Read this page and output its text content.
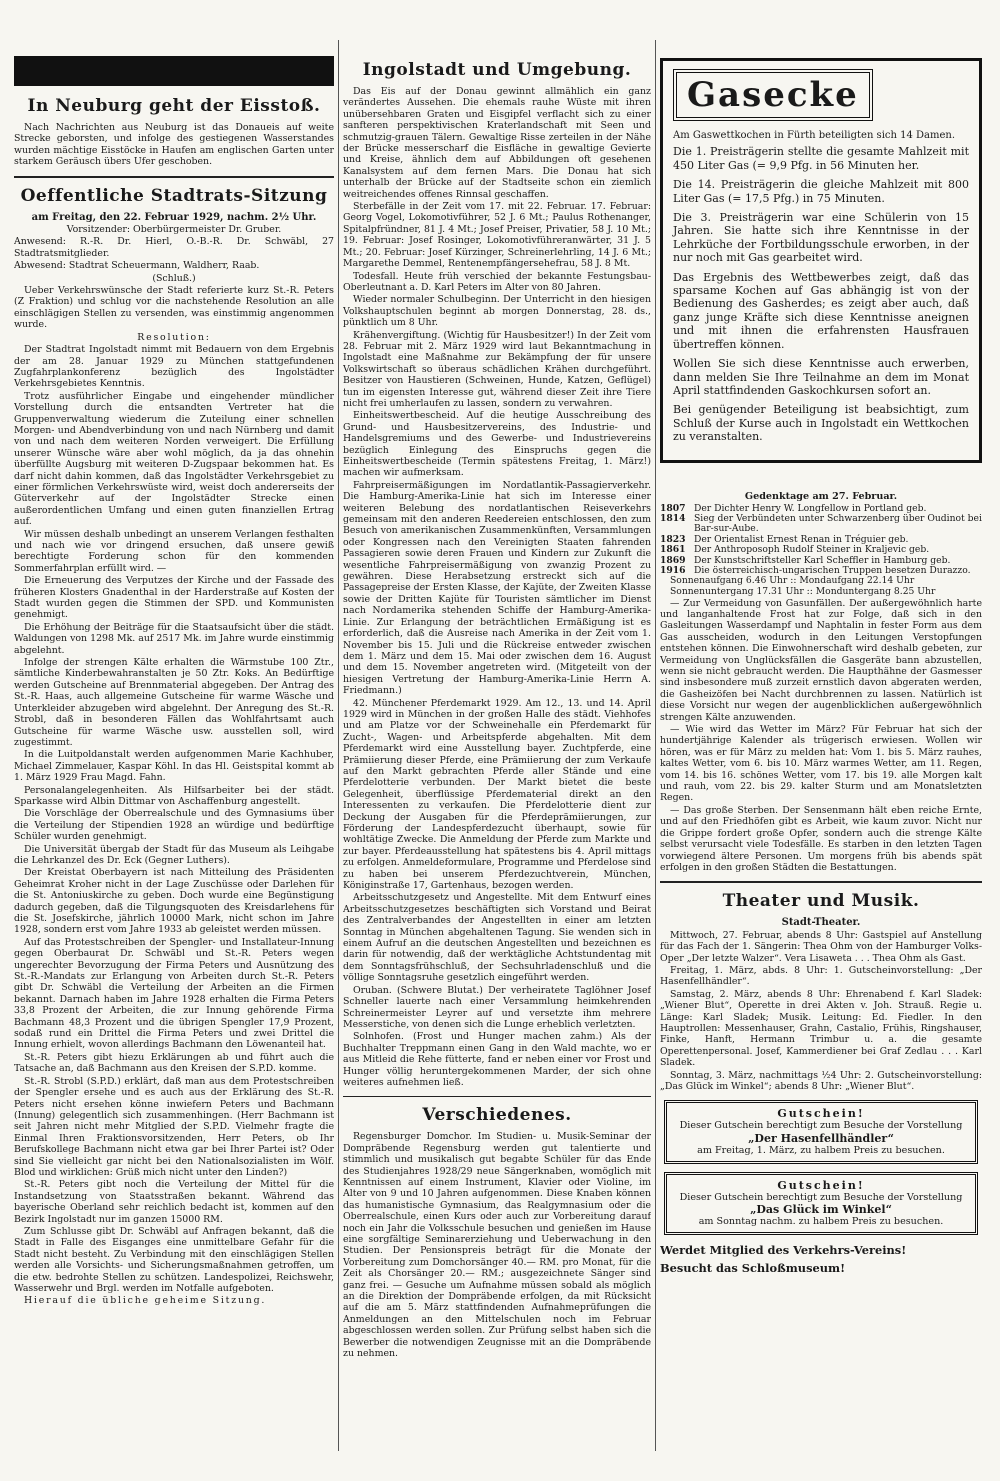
In Neuburg geht der Eisstoß.

Nach Nachrichten aus Neuburg ist das Donaueis auf weite Strecke geborsten, und infolge des gestiegenen Wasserstandes wurden mächtige Eisstöcke in Haufen am englischen Garten unter starkem Geräusch übers Ufer geschoben.

Oeffentliche Stadtrats-Sitzung

am Freitag, den 22. Februar 1929, nachm. 2½ Uhr.

Vorsitzender: Oberbürgermeister Dr. Gruber.

Anwesend: R.-R. Dr. Hierl, O.-B.-R. Dr. Schwäbl, 27 Stadtratsmitglieder.

Abwesend: Stadtrat Scheuermann, Waldherr, Raab.

(Schluß.)

Ueber Verkehrswünsche der Stadt referierte kurz St.-R. Peters (Z Fraktion) und schlug vor die nachstehende Resolution an alle einschlägigen Stellen zu versenden, was einstimmig angenommen wurde.

Resolution:

Der Stadtrat Ingolstadt nimmt mit Bedauern von dem Ergebnis der am 28. Januar 1929 zu München stattgefundenen Zugfahrplankonferenz bezüglich des Ingolstädter Verkehrsgebietes Kenntnis.

Trotz ausführlicher Eingabe und eingehender mündlicher Vorstellung durch die entsandten Vertreter hat die Gruppenverwaltung wiederum die Zuteilung einer schnellen Morgen- und Abendverbindung von und nach Nürnberg und damit von und nach dem weiteren Norden verweigert. Die Erfüllung unserer Wünsche wäre aber wohl möglich, da ja das ohnehin überfüllte Augsburg mit weiteren D-Zugspaar bekommen hat. Es darf nicht dahin kommen, daß das Ingolstädter Verkehrsgebiet zu einer förmlichen Verkehrswüste wird, weist doch andererseits der Güterverkehr auf der Ingolstädter Strecke einen außerordentlichen Umfang und einen guten finanziellen Ertrag auf.

Wir müssen deshalb unbedingt an unserem Verlangen festhalten und nach wie vor dringend ersuchen, daß unsere gewiß berechtigte Forderung schon für den kommenden Sommerfahrplan erfüllt wird. —

Die Erneuerung des Verputzes der Kirche und der Fassade des früheren Klosters Gnadenthal in der Harderstraße auf Kosten der Stadt wurden gegen die Stimmen der SPD. und Kommunisten genehmigt.

Die Erhöhung der Beiträge für die Staatsaufsicht über die städt. Waldungen von 1298 Mk. auf 2517 Mk. im Jahre wurde einstimmig abgelehnt.

Infolge der strengen Kälte erhalten die Wärmstube 100 Ztr., sämtliche Kinderbewahranstalten je 50 Ztr. Koks. An Bedürftige werden Gutscheine auf Brennmaterial abgegeben. Der Antrag des St.-R. Haas, auch allgemeine Gutscheine für warme Wäsche und Unterkleider abzugeben wird abgelehnt. Der Anregung des St.-R. Strobl, daß in besonderen Fällen das Wohlfahrtsamt auch Gutscheine für warme Wäsche usw. ausstellen soll, wird zugestimmt.

In die Luitpoldanstalt werden aufgenommen Marie Kachhuber, Michael Zimmelauer, Kaspar Köhl. In das Hl. Geistspital kommt ab 1. März 1929 Frau Magd. Fahn.

Personalangelegenheiten. Als Hilfsarbeiter bei der städt. Sparkasse wird Albin Dittmar von Aschaffenburg angestellt.

Die Vorschläge der Oberrealschule und des Gymnasiums über die Verteilung der Stipendien 1928 an würdige und bedürftige Schüler wurden genehmigt.

Die Universität übergab der Stadt für das Museum als Leihgabe die Lehrkanzel des Dr. Eck (Gegner Luthers).

Der Kreistat Oberbayern ist nach Mitteilung des Präsidenten Geheimrat Kroher nicht in der Lage Zuschüsse oder Darlehen für die St. Antoniuskirche zu geben. Doch wurde eine Begünstigung dadurch gegeben, daß die Tilgungsquoten des Kreisdarlehens für die St. Josefskirche, jährlich 10000 Mark, nicht schon im Jahre 1928, sondern erst vom Jahre 1933 ab geleistet werden müssen.

Auf das Protestschreiben der Spengler- und Installateur-Innung gegen Oberbaurat Dr. Schwäbl und St.-R. Peters wegen ungerechter Bevorzugung der Firma Peters und Ausnützung des St.-R.-Mandats zur Erlangung von Arbeiten durch St.-R. Peters gibt Dr. Schwäbl die Verteilung der Arbeiten an die Firmen bekannt. Darnach haben im Jahre 1928 erhalten die Firma Peters 33,8 Prozent der Arbeiten, die zur Innung gehörende Firma Bachmann 48,3 Prozent und die übrigen Spengler 17,9 Prozent, sodaß rund ein Drittel die Firma Peters und zwei Drittel die Innung erhielt, wovon allerdings Bachmann den Löwenanteil hat.

St.-R. Peters gibt hiezu Erklärungen ab und führt auch die Tatsache an, daß Bachmann aus den Kreisen der S.P.D. komme.

St.-R. Strobl (S.P.D.) erklärt, daß man aus dem Protestschreiben der Spengler ersehe und es auch aus der Erklärung des St.-R. Peters nicht ersehen könne inwiefern Peters und Bachmann (Innung) gelegentlich sich zusammenhingen. (Herr Bachmann ist seit Jahren nicht mehr Mitglied der S.P.D. Vielmehr fragte die Einmal Ihren Fraktionsvorsitzenden, Herr Peters, ob Ihr Berufskollege Bachmann nicht etwa gar bei Ihrer Partei ist? Oder sind Sie vielleicht gar nicht bei den Nationalsozialisten im Wölf. Blod und wirklichen: Grüß mich nicht unter den Linden?)

St.-R. Peters gibt noch die Verteilung der Mittel für die Instandsetzung von Staatsstraßen bekannt. Während das bayerische Oberland sehr reichlich bedacht ist, kommen auf den Bezirk Ingolstadt nur im ganzen 15000 RM.

Zum Schlusse gibt Dr. Schwäbl auf Anfragen bekannt, daß die Stadt in Falle des Eisganges eine unmittelbare Gefahr für die Stadt nicht besteht. Zu Verbindung mit den einschlägigen Stellen werden alle Vorsichts- und Sicherungsmaßnahmen getroffen, um die etw. bedrohte Stellen zu schützen. Landespolizei, Reichswehr, Wasserwehr und Brgl. werden im Notfalle aufgeboten.

Hierauf die übliche geheime Sitzung.

Ingolstadt und Umgebung.

Das Eis auf der Donau gewinnt allmählich ein ganz verändertes Aussehen. Die ehemals rauhe Wüste mit ihren unübersehbaren Graten und Eisgipfel verflacht sich zu einer sanfteren perspektivischen Kraterlandschaft mit Seen und schmutzig-grauen Tälern. Gewaltige Risse zerteilen in der Nähe der Brücke messerscharf die Eisfläche in gewaltige Gevierte und Kreise, ähnlich dem auf Abbildungen oft gesehenen Kanalsystem auf dem fernen Mars. Die Donau hat sich unterhalb der Brücke auf der Stadtseite schon ein ziemlich weitreichendes offenes Rinnsal geschaffen.

Sterbefälle in der Zeit vom 17. mit 22. Februar. 17. Februar: Georg Vogel, Lokomotivführer, 52 J. 6 Mt.; Paulus Rothenanger, Spitalpfründner, 81 J. 4 Mt.; Josef Preiser, Privatier, 58 J. 10 Mt.; 19. Februar: Josef Rosinger, Lokomotivführeranwärter, 31 J. 5 Mt.; 20. Februar: Josef Kürzinger, Schreinerlehrling, 14 J. 6 Mt.; Margarethe Demmel, Rentenempfängersehefrau, 58 J. 8 Mt.

Todesfall. Heute früh verschied der bekannte Festungsbau-Oberleutnant a. D. Karl Peters im Alter von 80 Jahren.

Wieder normaler Schulbeginn. Der Unterricht in den hiesigen Volkshauptschulen beginnt ab morgen Donnerstag, 28. ds., pünktlich um 8 Uhr.

Krähenvergiftung. (Wichtig für Hausbesitzer!) In der Zeit vom 28. Februar mit 2. März 1929 wird laut Bekanntmachung in Ingolstadt eine Maßnahme zur Bekämpfung der für unsere Volkswirtschaft so überaus schädlichen Krähen durchgeführt. Besitzer von Haustieren (Schweinen, Hunde, Katzen, Geflügel) tun im eigensten Interesse gut, während dieser Zeit ihre Tiere nicht frei umherlaufen zu lassen, sondern zu verwahren.

Einheitswertbescheid. Auf die heutige Ausschreibung des Grund- und Hausbesitzervereins, des Industrie- und Handelsgremiums und des Gewerbe- und Industrievereins bezüglich Einlegung des Einspruchs gegen die Einheitswertbescheide (Termin spätestens Freitag, 1. März!) machen wir aufmerksam.

Fahrpreisermäßigungen im Nordatlantik-Passagierverkehr. Die Hamburg-Amerika-Linie hat sich im Interesse einer weiteren Belebung des nordatlantischen Reiseverkehrs gemeinsam mit den anderen Reedereien entschlossen, den zum Besuch von amerikanischen Zusammenkünften, Versammlungen oder Kongressen nach den Vereinigten Staaten fahrenden Passagieren sowie deren Frauen und Kindern zur Zukunft die wesentliche Fahrpreisermäßigung von zwanzig Prozent zu gewähren. Diese Herabsetzung erstreckt sich auf die Passagepreise der Ersten Klasse, der Kajüte, der Zweiten Klasse sowie der Dritten Kajüte für Touristen sämtlicher im Dienst nach Nordamerika stehenden Schiffe der Hamburg-Amerika-Linie. Zur Erlangung der beträchtlichen Ermäßigung ist es erforderlich, daß die Ausreise nach Amerika in der Zeit vom 1. November bis 15. Juli und die Rückreise entweder zwischen dem 1. März und dem 15. Mai oder zwischen dem 16. August und dem 15. November angetreten wird. (Mitgeteilt von der hiesigen Vertretung der Hamburg-Amerika-Linie Herrn A. Friedmann.)

42. Münchener Pferdemarkt 1929. Am 12., 13. und 14. April 1929 wird in München in der großen Halle des städt. Viehhofes und am Platze vor der Schweinehalle ein Pferdemarkt für Zucht-, Wagen- und Arbeitspferde abgehalten. Mit dem Pferdemarkt wird eine Ausstellung bayer. Zuchtpferde, eine Prämiierung dieser Pferde, eine Prämiierung der zum Verkaufe auf den Markt gebrachten Pferde aller Stände und eine Pferdelotterie verbunden. Der Markt bietet die beste Gelegenheit, überflüssige Pferdematerial direkt an den Interessenten zu verkaufen. Die Pferdelotterie dient zur Deckung der Ausgaben für die Pferdeprämiierungen, zur Förderung der Landespferdezucht überhaupt, sowie für wohltätige Zwecke. Die Anmeldung der Pferde zum Markte und zur bayer. Pferdeausstellung hat spätestens bis 4. April mittags zu erfolgen. Anmeldeformulare, Programme und Pferdelose sind zu haben bei unserem Pferdezuchtverein, München, Königinstraße 17, Gartenhaus, bezogen werden.

Arbeitsschutzgesetz und Angestellte. Mit dem Entwurf eines Arbeitsschutzgesetzes beschäftigten sich Vorstand und Beirat des Zentralverbandes der Angestellten in einer am letzten Sonntag in München abgehaltenen Tagung. Sie wenden sich in einem Aufruf an die deutschen Angestellten und bezeichnen es darin für notwendig, daß der werktägliche Achtstundentag mit dem Sonntagsfrühschluß, der Sechsuhrladenschluß und die völlige Sonntagsruhe gesetzlich eingeführt werden.

Oruban. (Schwere Blutat.) Der verheiratete Taglöhner Josef Schneller lauerte nach einer Versammlung heimkehrenden Schreinermeister Leyrer auf und versetzte ihm mehrere Messerstiche, von denen sich die Lunge erheblich verletzten.

Solnhofen. (Frost und Hunger machen zahm.) Als der Buchhalter Treppmann einen Gang in den Wald machte, wo er aus Mitleid die Rehe fütterte, fand er neben einer vor Frost und Hunger völlig heruntergekommenen Marder, der sich ohne weiteres aufnehmen ließ.

Verschiedenes.

Regensburger Domchor. Im Studien- u. Musik-Seminar der Dompräbende Regensburg werden gut talentierte und stimmlich und musikalisch gut begabte Schüler für das Ende des Studienjahres 1928/29 neue Sängerknaben, womöglich mit Kenntnissen auf einem Instrument, Klavier oder Violine, im Alter von 9 und 10 Jahren aufgenommen. Diese Knaben können das humanistische Gymnasium, das Realgymnasium oder die Oberrealschule, einen Kurs oder auch zur Vorbereitung darauf noch ein Jahr die Volksschule besuchen und genießen im Hause eine sorgfältige Seminarerziehung und Ueberwachung in den Studien. Der Pensionspreis beträgt für die Monate der Vorbereitung zum Domchorsänger 40.— RM. pro Monat, für die Zeit als Chorsänger 20.— RM.; ausgezeichnete Sänger sind ganz frei. — Gesuche um Aufnahme müssen sobald als möglich an die Direktion der Dompräbende erfolgen, da mit Rücksicht auf die am 5. März stattfindenden Aufnahmeprüfungen die Anmeldungen an den Mittelschulen noch im Februar abgeschlossen werden sollen. Zur Prüfung selbst haben sich die Bewerber die notwendigen Zeugnisse mit an die Dompräbende zu nehmen.

Gasecke

Am Gaswettkochen in Fürth beteiligten sich 14 Damen.

Die 1. Preisträgerin stellte die gesamte Mahlzeit mit 450 Liter Gas (= 9,9 Pfg. in 56 Minuten her.

Die 14. Preisträgerin die gleiche Mahlzeit mit 800 Liter Gas (= 17,5 Pfg.) in 75 Minuten.

Die 3. Preisträgerin war eine Schülerin von 15 Jahren. Sie hatte sich ihre Kenntnisse in der Lehrküche der Fortbildungsschule erworben, in der nur noch mit Gas gearbeitet wird.

Das Ergebnis des Wettbewerbes zeigt, daß das sparsame Kochen auf Gas abhängig ist von der Bedienung des Gasherdes; es zeigt aber auch, daß ganz junge Kräfte sich diese Kenntnisse aneignen und mit ihnen die erfahrensten Hausfrauen übertreffen können.

Wollen Sie sich diese Kenntnisse auch erwerben, dann melden Sie Ihre Teilnahme an dem im Monat April stattfindenden Gaskochkursen sofort an.

Bei genügender Beteiligung ist beabsichtigt, zum Schluß der Kurse auch in Ingolstadt ein Wettkochen zu veranstalten.

Gedenktage am 27. Februar.
1807 Der Dichter Henry W. Longfellow in Portland geb.
1814 Sieg der Verbündeten unter Schwarzenberg über Oudinot bei Bar-sur-Aube.
1823 Der Orientalist Ernest Renan in Tréguier geb.
1861 Der Anthroposoph Rudolf Steiner in Kraljevic geb.
1869 Der Kunstschriftsteller Karl Scheffler in Hamburg geb.
1916 Die österreichisch-ungarischen Truppen besetzen Durazzo.
Sonnenaufgang 6.46 Uhr :: Mondaufgang 22.14 Uhr
Sonnenuntergang 17.31 Uhr :: Monduntergang 8.25 Uhr

— Zur Vermeidung von Gasunfällen. Der außergewöhnlich harte und langanhaltende Frost hat zur Folge, daß sich in den Gasleitungen Wasserdampf und Naphtalin in fester Form aus dem Gas ausscheiden, wodurch in den Leitungen Verstopfungen entstehen können. Die Einwohnerschaft wird deshalb gebeten, zur Vermeidung von Unglücksfällen die Gasgeräte bann abzustellen, wenn sie nicht gebraucht werden. Die Haupthähne der Gasmesser sind insbesondere muß zurzeit ernstlich davon abgeraten werden, die Gasheizöfen bei Nacht durchbrennen zu lassen. Natürlich ist diese Vorsicht nur wegen der augenblicklichen außergewöhnlich strengen Kälte anzuwenden.

— Wie wird das Wetter im März? Für Februar hat sich der hundertjährige Kalender als trügerisch erwiesen. Wollen wir hören, was er für März zu melden hat: Vom 1. bis 5. März rauhes, kaltes Wetter, vom 6. bis 10. März warmes Wetter, am 11. Regen, vom 14. bis 16. schönes Wetter, vom 17. bis 19. alle Morgen kalt und rauh, vom 22. bis 29. kalter Sturm und am Monatsletzten Regen.

— Das große Sterben. Der Sensenmann hält eben reiche Ernte, und auf den Friedhöfen gibt es Arbeit, wie kaum zuvor. Nicht nur die Grippe fordert große Opfer, sondern auch die strenge Kälte selbst verursacht viele Todesfälle. Es starben in den letzten Tagen vorwiegend ältere Personen. Um morgens früh bis abends spät erfolgen in den großen Städten die Bestattungen.

Theater und Musik.

Stadt-Theater.

Mittwoch, 27. Februar, abends 8 Uhr: Gastspiel auf Anstellung für das Fach der 1. Sängerin: Thea Ohm von der Hamburger Volks-Oper „Der letzte Walzer“. Vera Lisaweta . . . Thea Ohm als Gast.

Freitag, 1. März, abds. 8 Uhr: 1. Gutscheinvorstellung: „Der Hasenfellhändler“.

Samstag, 2. März, abends 8 Uhr: Ehrenabend f. Karl Sladek: „Wiener Blut“, Operette in drei Akten v. Joh. Strauß. Regie u. Länge: Karl Sladek; Musik. Leitung: Ed. Fiedler. In den Hauptrollen: Messenhauser, Grahn, Castalio, Frühis, Ringshauser, Finke, Hanft, Hermann Trimbur u. a. die gesamte Operettenpersonal. Josef, Kammerdiener bei Graf Zedlau . . . Karl Sladek.

Sonntag, 3. März, nachmittags ½4 Uhr: 2. Gutscheinvorstellung: „Das Glück im Winkel“; abends 8 Uhr: „Wiener Blut“.

Gutschein!
Dieser Gutschein berechtigt zum Besuche der Vorstellung
„Der Hasenfellhändler“
am Freitag, 1. März, zu halbem Preis zu besuchen.
Gutschein!
Dieser Gutschein berechtigt zum Besuche der Vorstellung
„Das Glück im Winkel“
am Sonntag nachm. zu halbem Preis zu besuchen.
Werdet Mitglied des Verkehrs-Vereins!
Besucht das Schloßmuseum!
